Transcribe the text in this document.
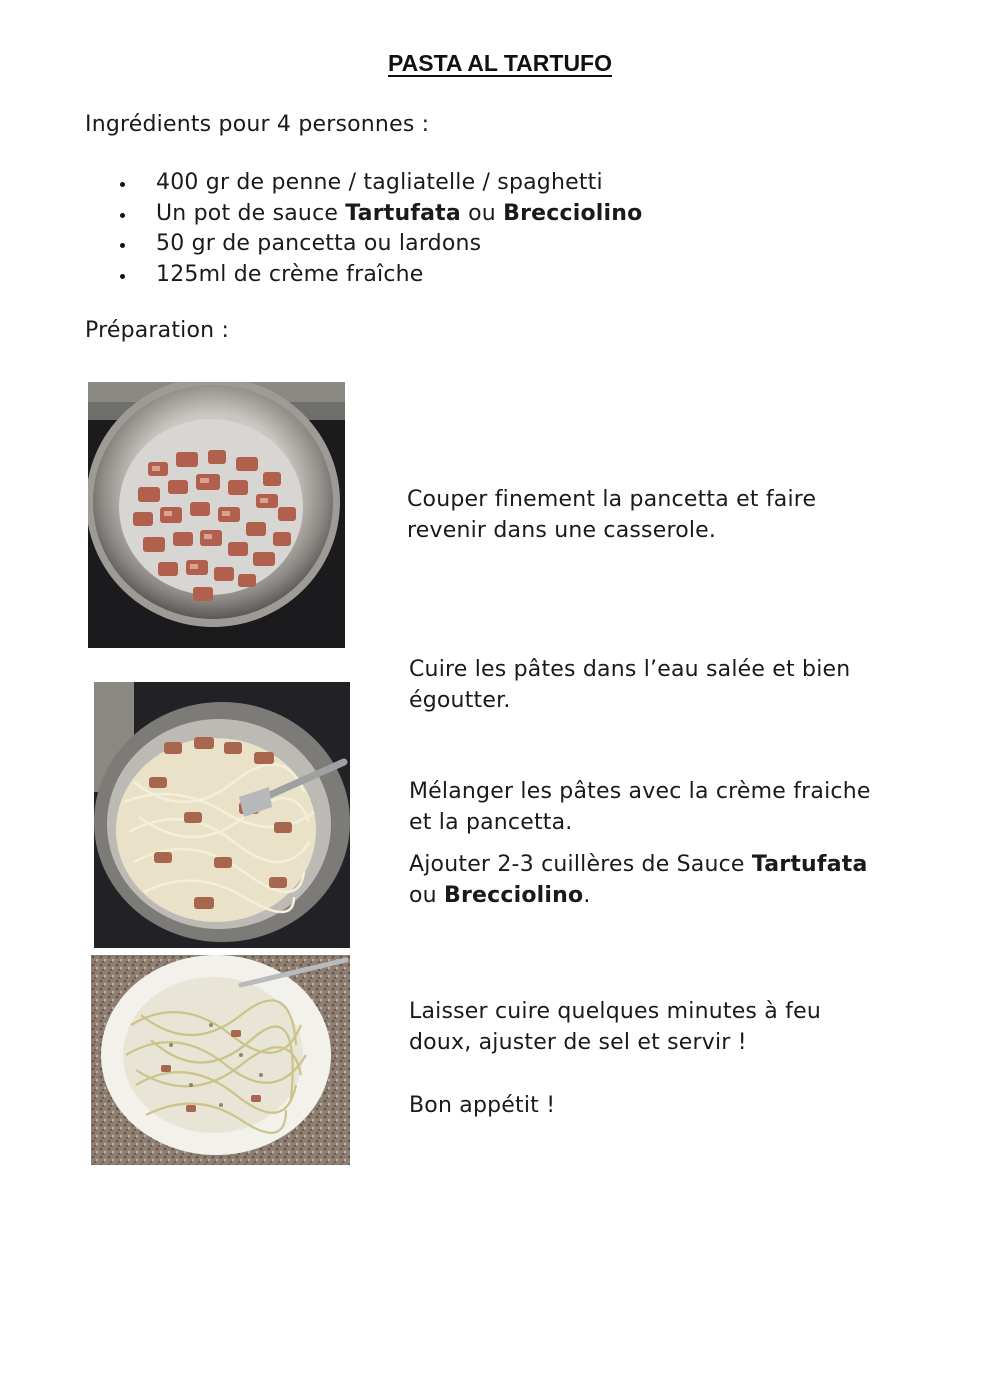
PASTA AL TARTUFO
Ingrédients pour 4 personnes :
400 gr de penne / tagliatelle / spaghetti
Un pot de sauce Tartufata ou Brecciolino
50 gr de pancetta ou lardons
125ml de crème fraîche
Préparation :
Couper finement la pancetta et faire
revenir dans une casserole.
Cuire les pâtes dans l’eau salée et bien
égoutter.
Mélanger les pâtes avec la crème fraiche
et la pancetta.
Ajouter 2-3 cuillères de Sauce Tartufata
ou Brecciolino.
Laisser cuire quelques minutes à feu
doux, ajuster de sel et servir !
Bon appétit !
